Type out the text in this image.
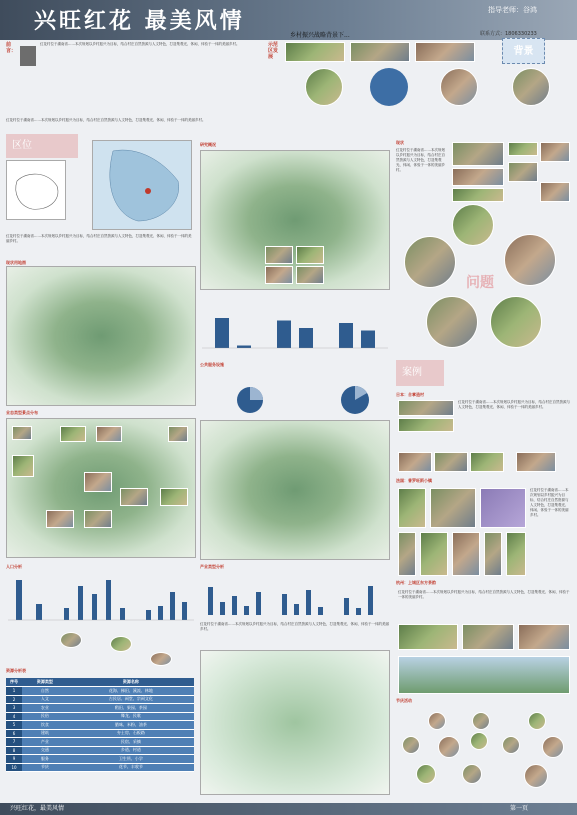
兴旺红花 最美风情	指导老师：谷鸿
乡村振兴战略背景下...	联系方式：1806330233
前言：
红花村位于湖南省……本次规划以乡村振兴为目标，结合村庄自然资源与人文特色，打造集观光、休闲、体验于一体的美丽乡村。	示范区发展	背景
红花村位于湖南省……本次规划以乡村振兴为目标，结合村庄自然资源与人文特色，打造集观光、休闲、体验于一体的美丽乡村。
区位
红花村位于湖南省……本次规划以乡村振兴为目标，结合村庄自然资源与人文特色，打造集观光、休闲、体验于一体的美丽乡村。
现状用地图
业态类型景点分布
人口分析
资源分析表
序号	资源类型	资源名称
1	自然	花海、梯田、溪流、林地
2	人文	古民居、祠堂、宗祠文化
3	农业	稻田、果园、茶园
4	民俗	舞龙、民歌
5	饮食	腊味、米粉、油茶
6	建筑	夯土房、石板路
7	产业	民宿、采摘
8	交通	乡道、村道
9	服务	卫生所、小学
10	节庆	花节、丰收节
研究概况
公共服务设施
产业类型分析
红花村位于湖南省……本次规划以乡村振兴为目标，结合村庄自然资源与人文特色，打造集观光、休闲、体验于一体的美丽乡村。
现状
红花村位于湖南省……本次规划以乡村振兴为目标，结合村庄自然资源与人文特色，打造集观光、休闲、体验于一体的美丽乡村。
问题
案例
日本：合掌造村
红花村位于湖南省……本次规划以乡村振兴为目标，结合村庄自然资源与人文特色，打造集观光、休闲、体验于一体的美丽乡村。
法国：普罗旺斯小镇
红花村位于湖南省……本次规划以乡村振兴为目标，结合村庄自然资源与人文特色，打造集观光、休闲、体验于一体的美丽乡村。
杭州：上城区东方茶韵
红花村位于湖南省……本次规划以乡村振兴为目标，结合村庄自然资源与人文特色，打造集观光、休闲、体验于一体的美丽乡村。
节庆活动
兴旺红花，最美风情	第一页
